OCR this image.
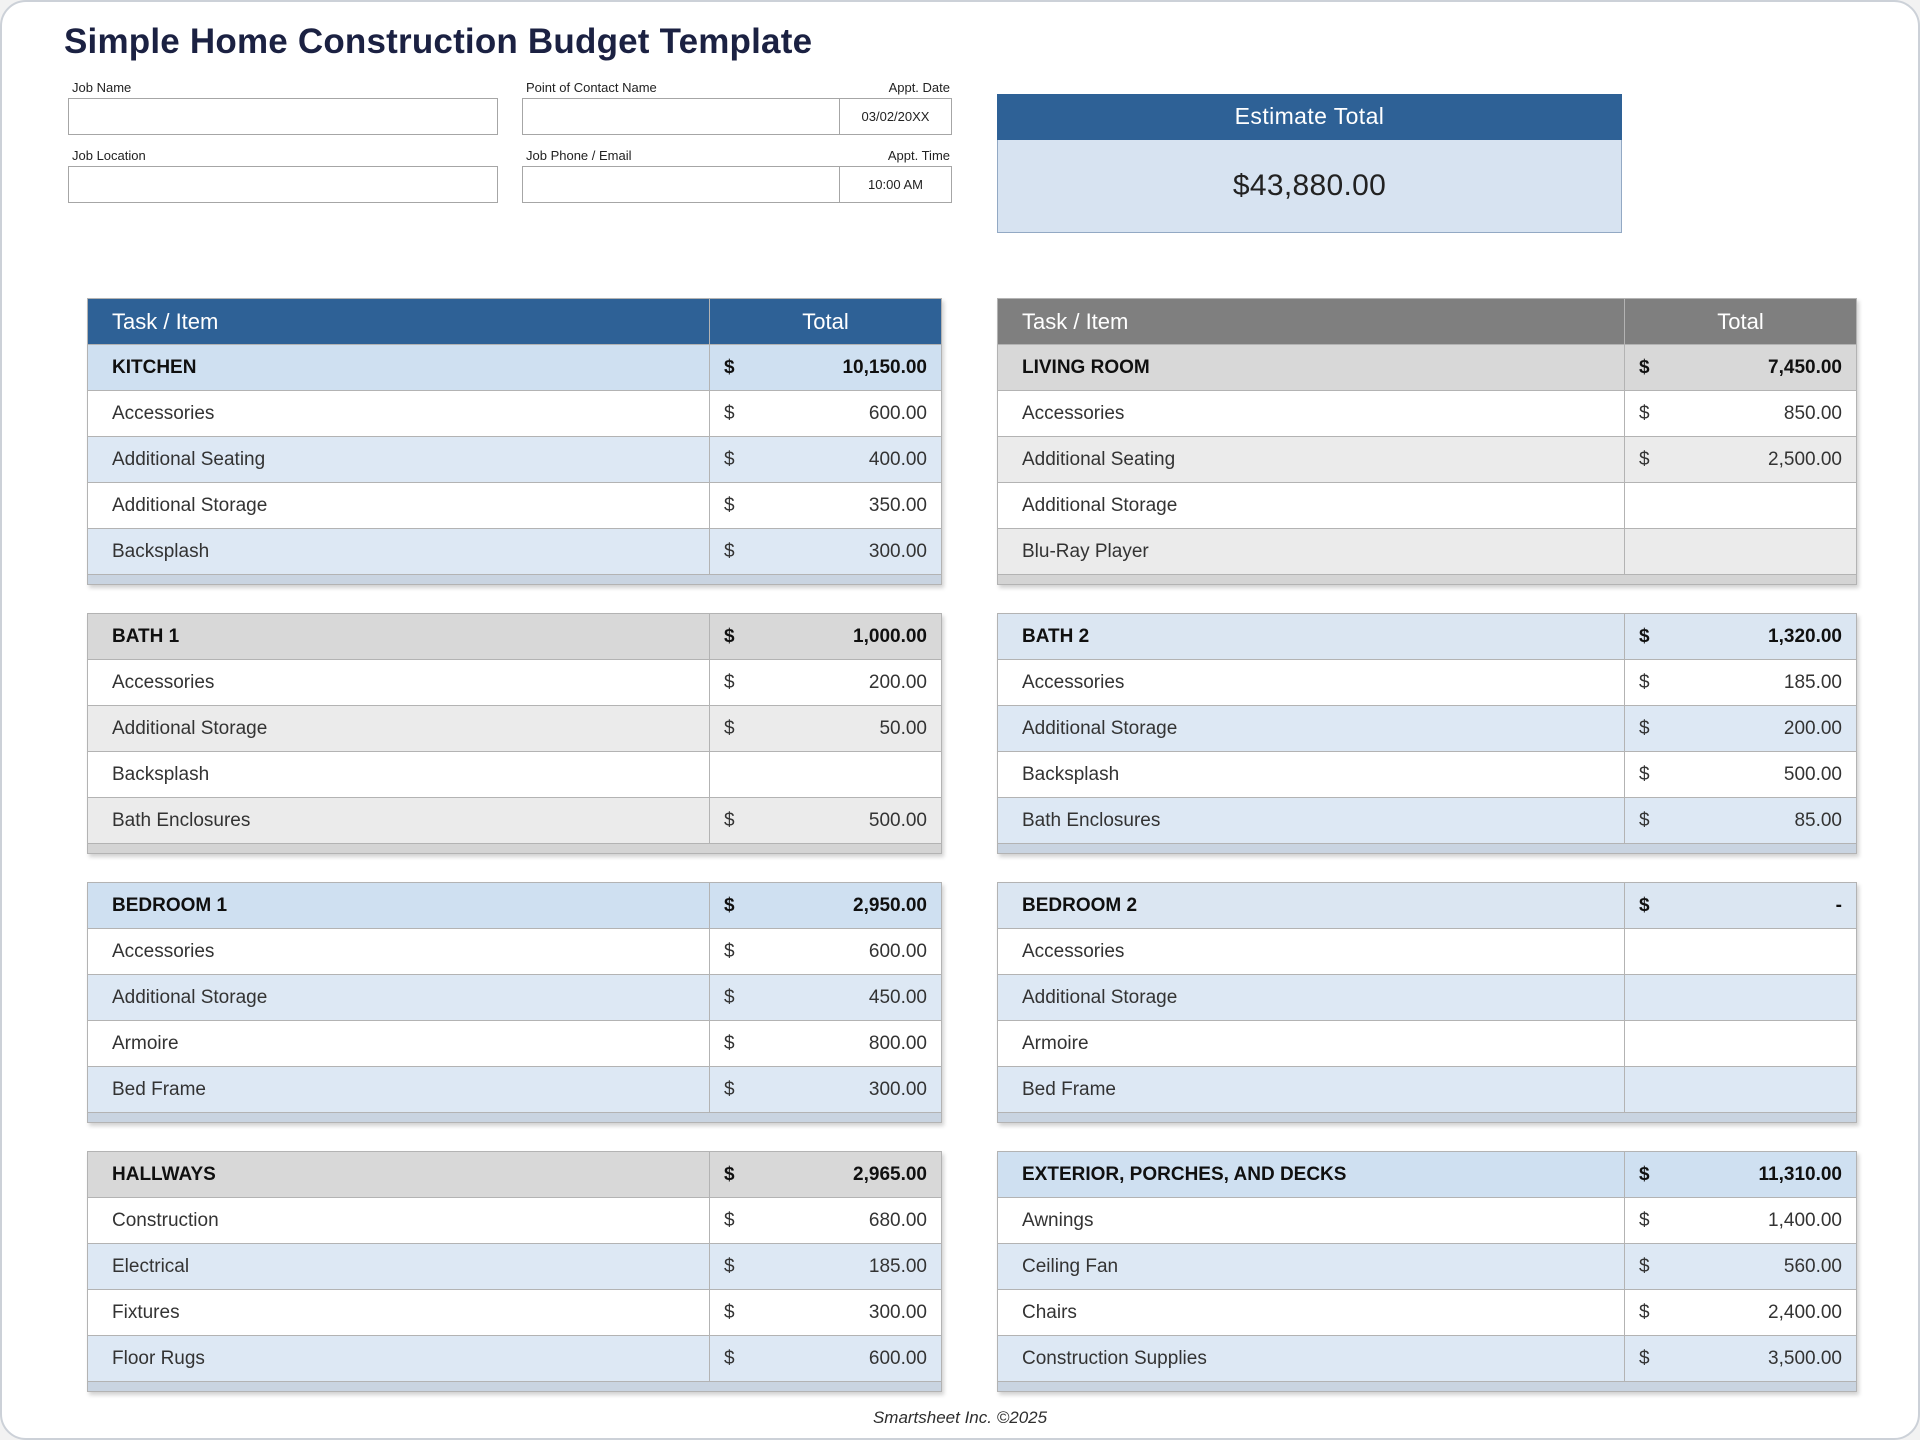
Simple Home Construction Budget Template
Job Name
Job Location
Point of Contact Name
Job Phone / Email
Appt. Date
03/02/20XX
Appt. Time
10:00 AM
Estimate Total
$43,880.00
Task / Item	Total
KITCHEN	$ 10,150.00

Accessories	$ 600.00

Additional Seating	$ 400.00

Additional Storage	$ 350.00

Backsplash	$ 300.00
BATH 1	$ 1,000.00

Accessories	$ 200.00

Additional Storage	$ 50.00

Backsplash	

Bath Enclosures	$ 500.00
BEDROOM 1	$ 2,950.00

Accessories	$ 600.00

Additional Storage	$ 450.00

Armoire	$ 800.00

Bed Frame	$ 300.00
HALLWAYS	$ 2,965.00

Construction	$ 680.00

Electrical	$ 185.00

Fixtures	$ 300.00

Floor Rugs	$ 600.00
Task / Item	Total
LIVING ROOM	$ 7,450.00

Accessories	$ 850.00

Additional Seating	$ 2,500.00

Additional Storage	

Blu-Ray Player	
BATH 2	$ 1,320.00

Accessories	$ 185.00

Additional Storage	$ 200.00

Backsplash	$ 500.00

Bath Enclosures	$ 85.00
BEDROOM 2	$ -

Accessories	

Additional Storage	

Armoire	

Bed Frame	
EXTERIOR, PORCHES, AND DECKS	$ 11,310.00

Awnings	$ 1,400.00

Ceiling Fan	$ 560.00

Chairs	$ 2,400.00

Construction Supplies	$ 3,500.00
Smartsheet Inc. ©2025
